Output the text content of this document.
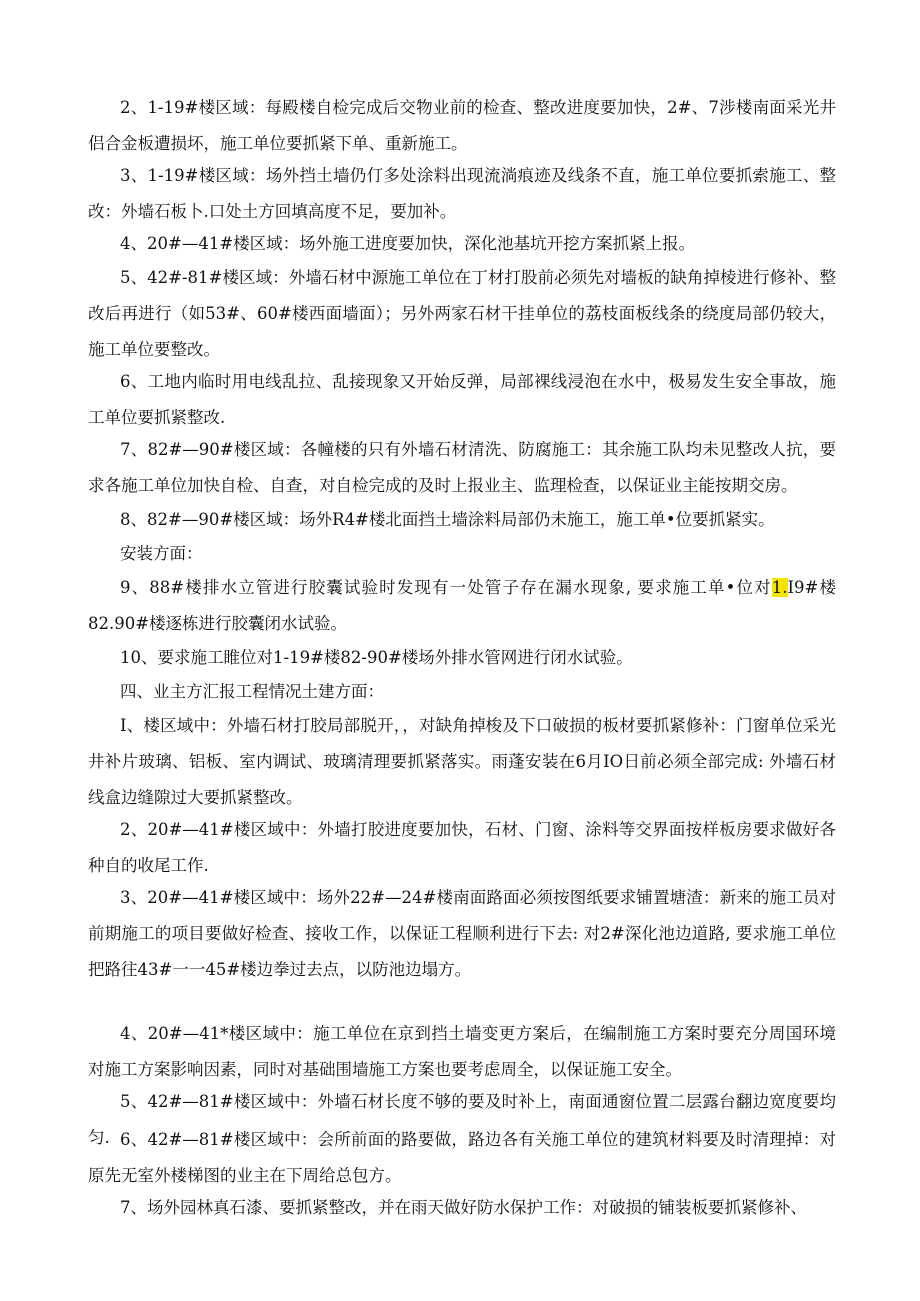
2、1-19#楼区域：每殿楼自检完成后交物业前的检查、整改进度要加快，2#、7涉楼南面采光井侣合金板遭损坏，施工单位要抓紧下单、重新施工。

3、1-19#楼区域：场外挡土墙仍仃多处涂料出现流淌痕迹及线条不直，施工单位要抓索施工、整改：外墙石板卜.口处土方回填高度不足，要加补。

4、20#—41#楼区域：场外施工进度要加快，深化池基坑开挖方案抓紧上报。

5、42#-81#楼区域：外墙石材中源施工单位在丁材打股前必须先对墙板的缺角掉棱进行修补、整改后再进行（如53#、60#楼西面墙面）；另外两家石材干挂单位的荔枝面板线条的绕度局部仍较大，施工单位要整改。

6、工地内临时用电线乱拉、乱接现象又开始反弹，局部裸线浸泡在水中，极易发生安全事故，施工单位要抓紧整改.

7、82#—90#楼区域：各幢楼的只有外墙石材清洗、防腐施工：其余施工队均未见整改人抗，要求各施工单位加快自检、自查，对自检完成的及时上报业主、监理检查，以保证业主能按期交房。

8、82#—90#楼区域：场外R4#楼北面挡土墙涂料局部仍未施工，施工单•位要抓紧实。

安装方面：

9、88#楼排水立管进行胶囊试验时发现有一处管子存在漏水现象, 要求施工单•位对1.I9#楼82.90#楼逐栋进行胶囊闭水试验。

10、要求施工睢位对1-19#楼82-90#楼场外排水管网进行闭水试验。

四、业主方汇报工程情况土建方面：

I、楼区域中：外墙石材打胶局部脱开，，对缺角掉梭及下口破损的板材要抓紧修补：门窗单位采光井补片玻璃、铝板、室内调试、玻璃清理要抓紧落实。雨蓬安装在6月IO日前必须全部完成: 外墙石材线盒边缝隙过大要抓紧整改。

2、20#—41#楼区域中：外墙打胶进度要加快，石材、门窗、涂料等交界面按样板房要求做好各种自的收尾工作.

3、20#—41#楼区域中：场外22#—24#楼南面路面必须按图纸要求铺置塘渣：新来的施工员对前期施工的项目要做好检查、接收工作，以保证工程顺利进行下去: 对2#深化池边道路, 要求施工单位把路往43#一一45#楼边拳过去点，以防池边塌方。

4、20#—41*楼区域中：施工单位在京到挡土墙变更方案后，在编制施工方案时要充分周国环境对施工方案影响因素，同时对基础围墙施工方案也要考虑周全，以保证施工安全。

5、42#—81#楼区域中：外墙石材长度不够的要及时补上，南面通窗位置二层露台翻边宽度要均匀. 6、42#—81#楼区域中：会所前面的路要做，路边各有关施工单位的建筑材料要及时清理掉：对原先无室外楼梯图的业主在下周给总包方。

7、场外园林真石漆、要抓紧整改，并在雨天做好防水保护工作：对破损的铺装板要抓紧修补、
